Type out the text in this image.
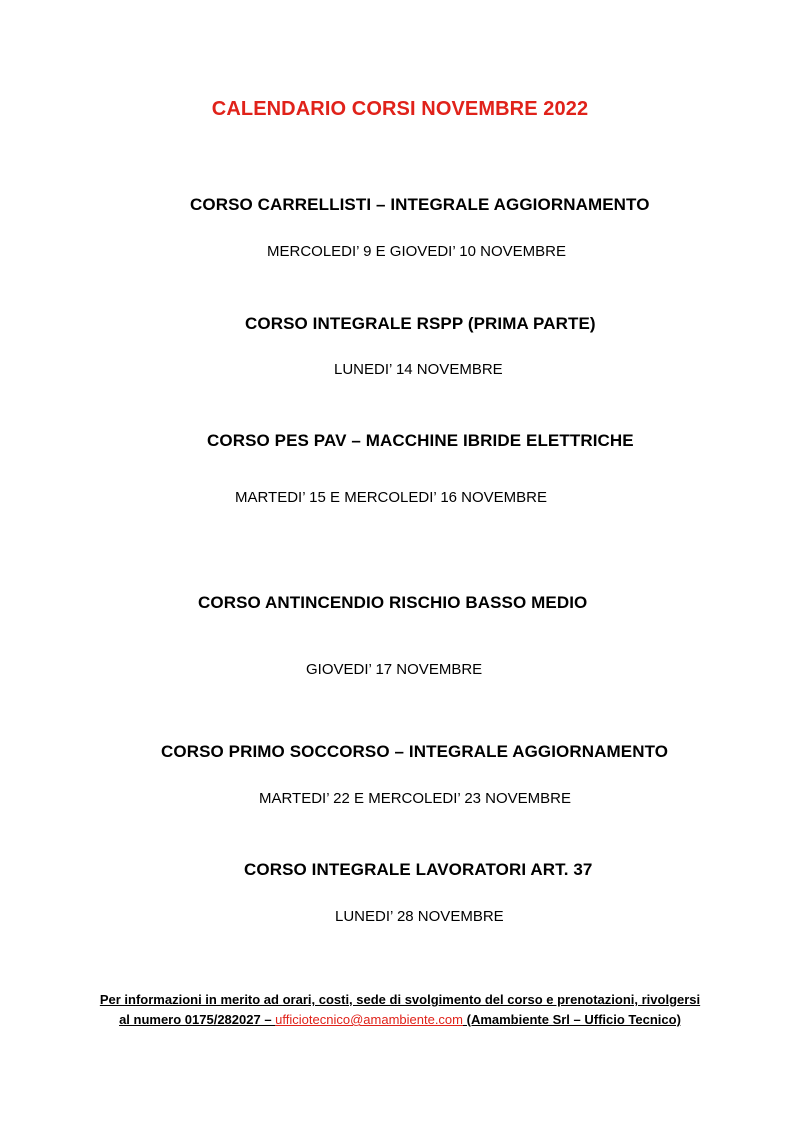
CALENDARIO CORSI NOVEMBRE 2022
CORSO CARRELLISTI – INTEGRALE AGGIORNAMENTO
MERCOLEDI’ 9 E GIOVEDI’ 10 NOVEMBRE
CORSO INTEGRALE RSPP (PRIMA PARTE)
LUNEDI’ 14 NOVEMBRE
CORSO PES PAV – MACCHINE IBRIDE ELETTRICHE
MARTEDI’ 15 E MERCOLEDI’ 16 NOVEMBRE
CORSO ANTINCENDIO RISCHIO BASSO MEDIO
GIOVEDI’ 17 NOVEMBRE
CORSO PRIMO SOCCORSO – INTEGRALE AGGIORNAMENTO
MARTEDI’ 22 E MERCOLEDI’ 23 NOVEMBRE
CORSO INTEGRALE LAVORATORI ART. 37
LUNEDI’ 28 NOVEMBRE
Per informazioni in merito ad orari, costi, sede di svolgimento del corso e prenotazioni, rivolgersi
al numero 0175/282027 – ufficiotecnico@amambiente.com (Amambiente Srl – Ufficio Tecnico)
